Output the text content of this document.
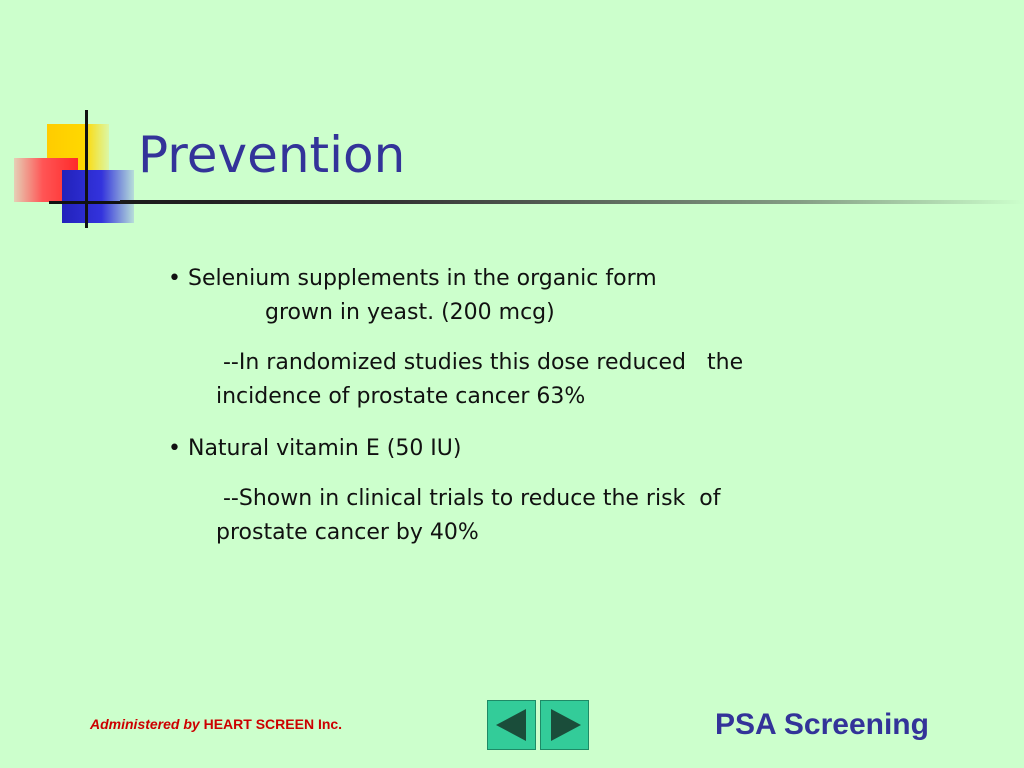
Prevention
• Selenium supplements in the organic form
grown in yeast. (200 mcg)
--In randomized studies this dose reduced   the
incidence of prostate cancer 63%
• Natural vitamin E (50 IU)
--Shown in clinical trials to reduce the risk  of
prostate cancer by 40%
Administered by HEART SCREEN Inc.	PSA Screening
